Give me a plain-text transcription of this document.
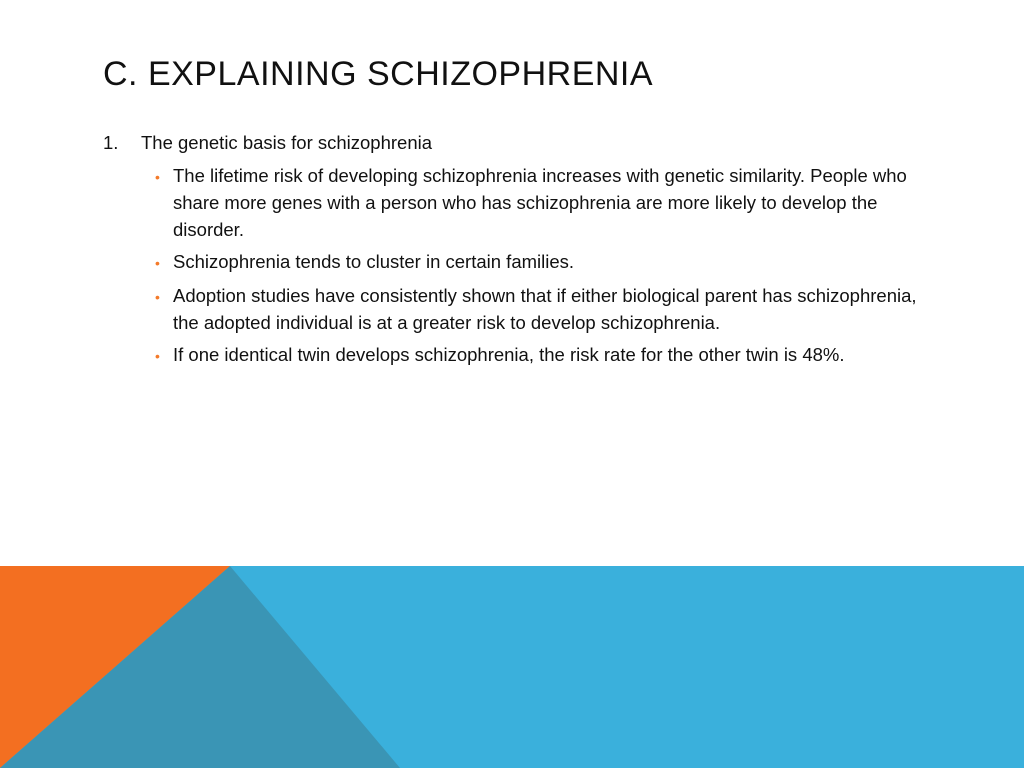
C. EXPLAINING SCHIZOPHRENIA
1.	The genetic basis for schizophrenia
• The lifetime risk of developing schizophrenia increases with genetic similarity. People who share more genes with a person who has schizophrenia are more likely to develop the disorder.
• Schizophrenia tends to cluster in certain families.
• Adoption studies have consistently shown that if either biological parent has schizophrenia, the adopted individual is at a greater risk to develop schizophrenia.
• If one identical twin develops schizophrenia, the risk rate for the other twin is 48%.
